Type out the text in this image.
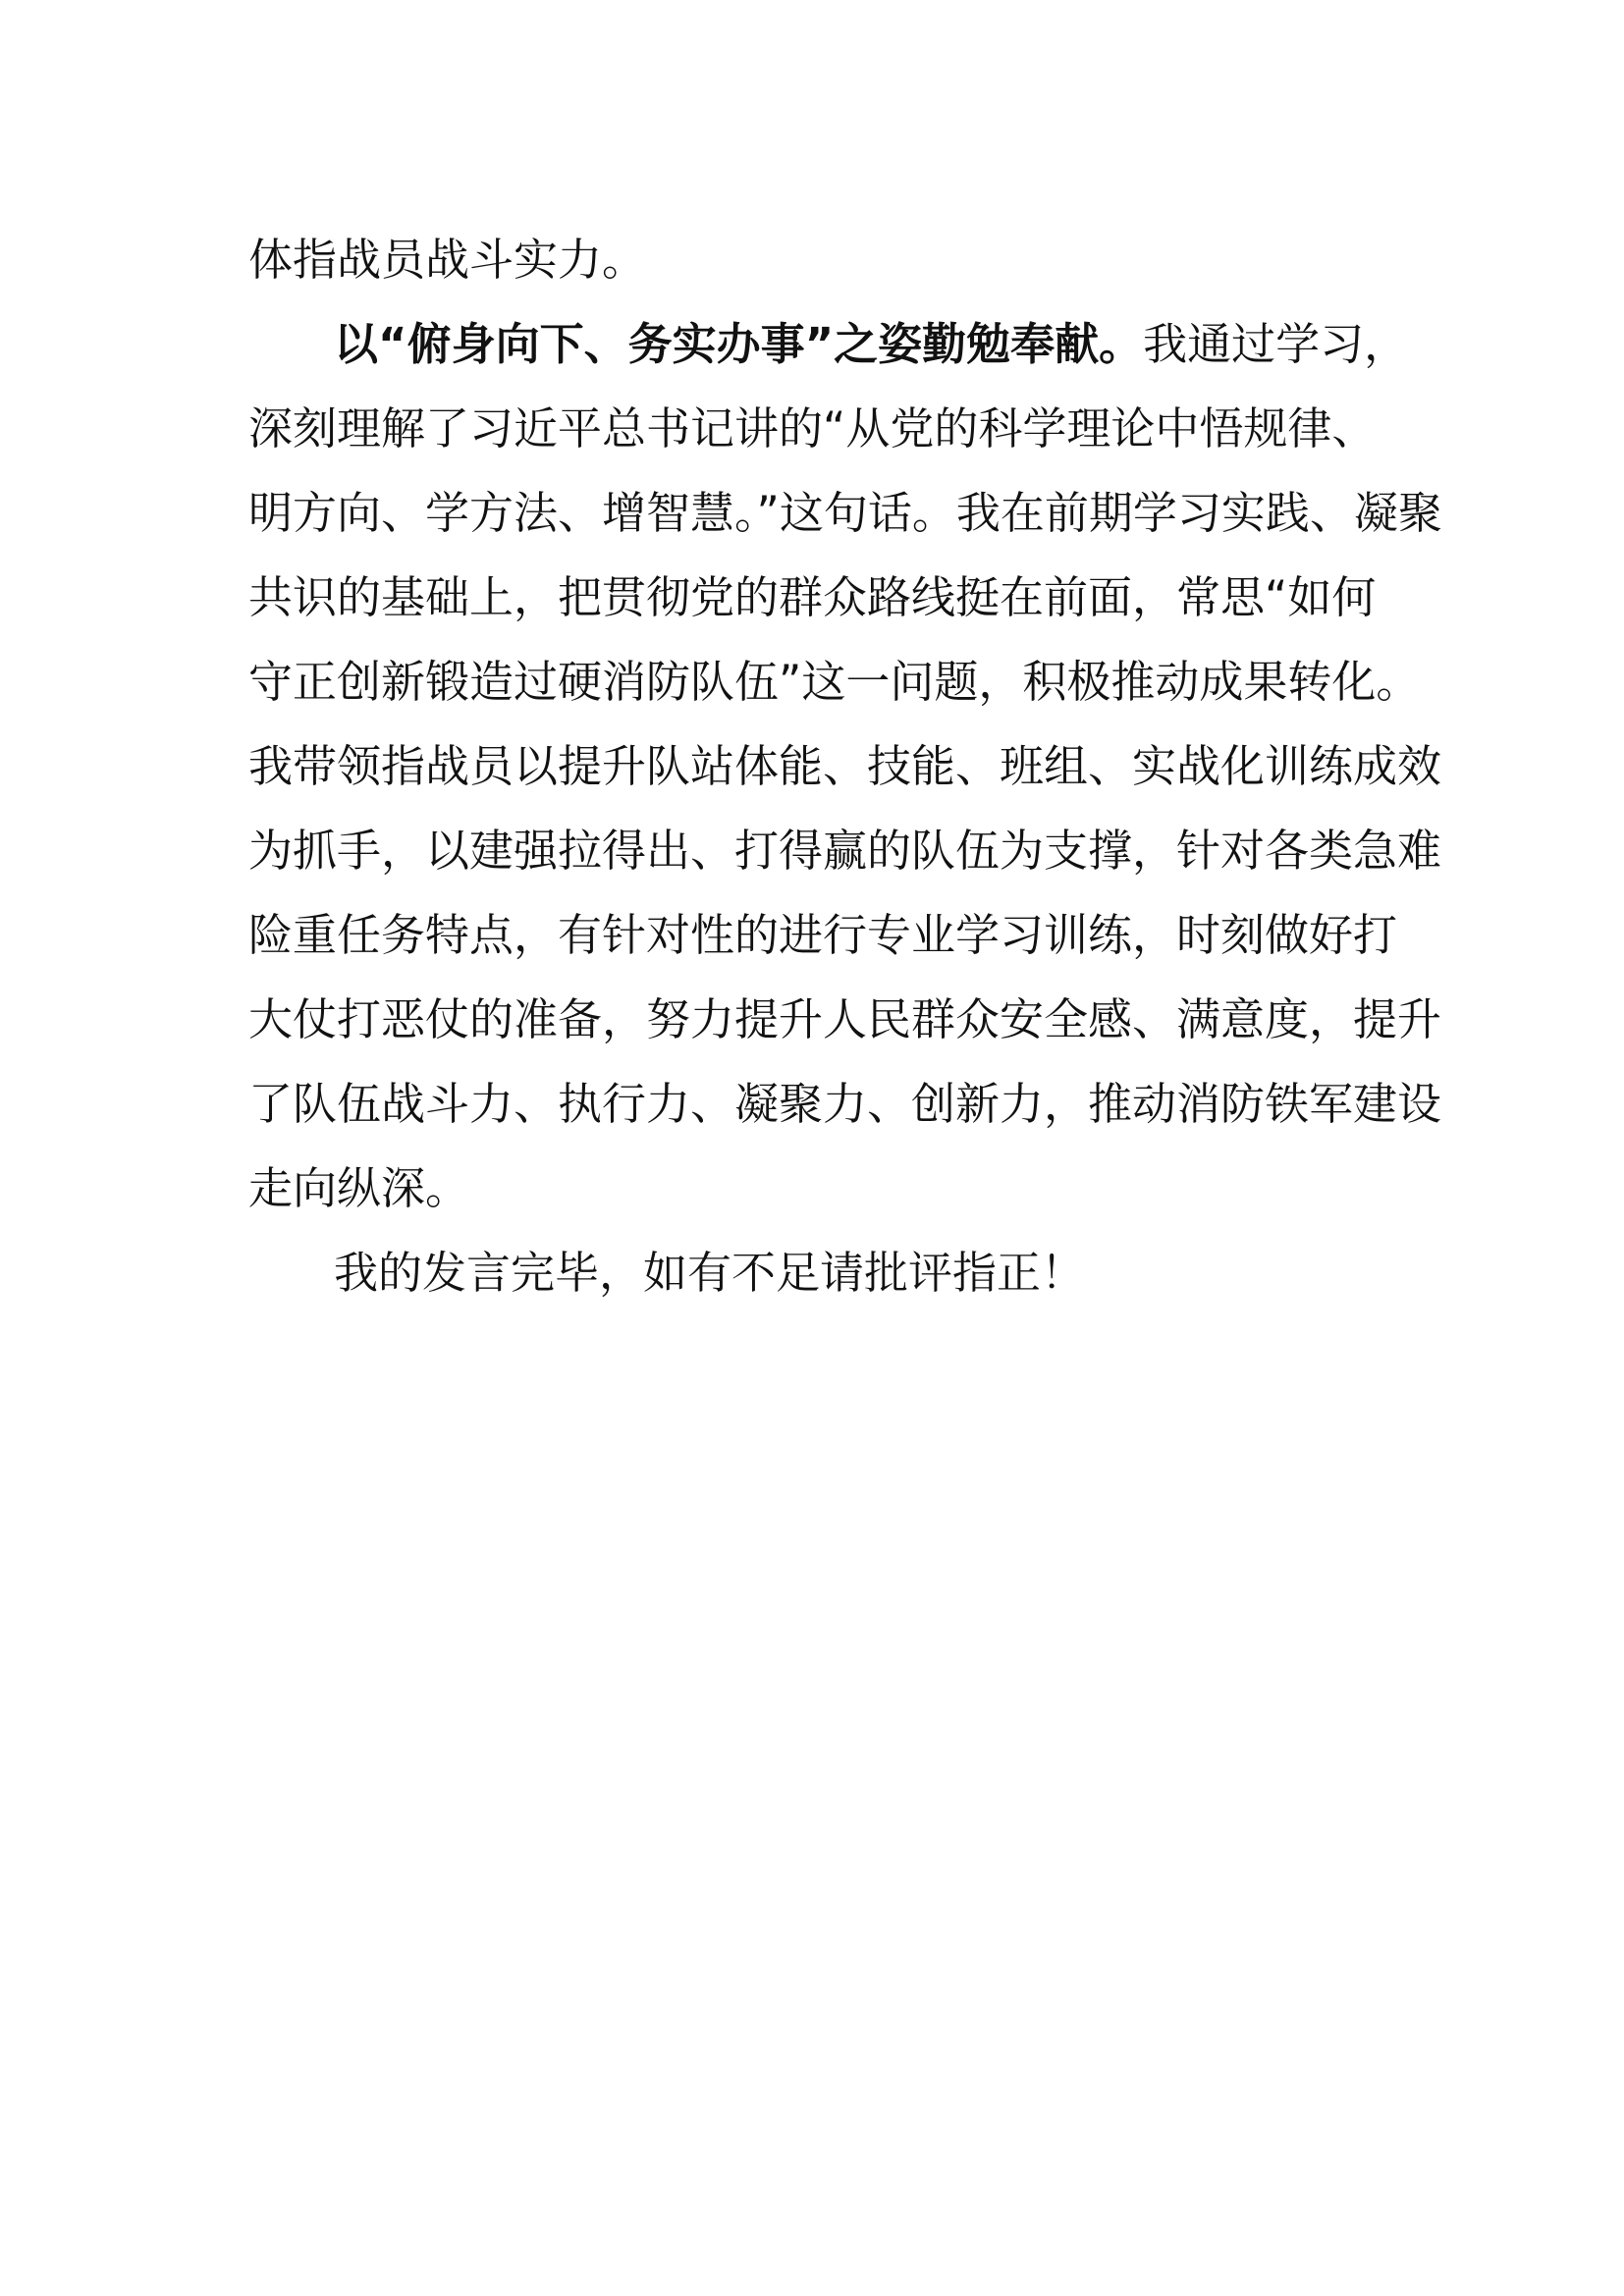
体指战员战斗实力。

以“俯身向下、务实办事”之姿勤勉奉献。我通过学习，

深刻理解了习近平总书记讲的“从党的科学理论中悟规律、

明方向、学方法、增智慧。”这句话。我在前期学习实践、凝聚

共识的基础上，把贯彻党的群众路线挺在前面，常思“如何

守正创新锻造过硬消防队伍”这一问题，积极推动成果转化。

我带领指战员以提升队站体能、技能、班组、实战化训练成效

为抓手，以建强拉得出、打得赢的队伍为支撑，针对各类急难

险重任务特点，有针对性的进行专业学习训练，时刻做好打

大仗打恶仗的准备，努力提升人民群众安全感、满意度，提升

了队伍战斗力、执行力、凝聚力、创新力，推动消防铁军建设

走向纵深。

我的发言完毕，如有不足请批评指正！
